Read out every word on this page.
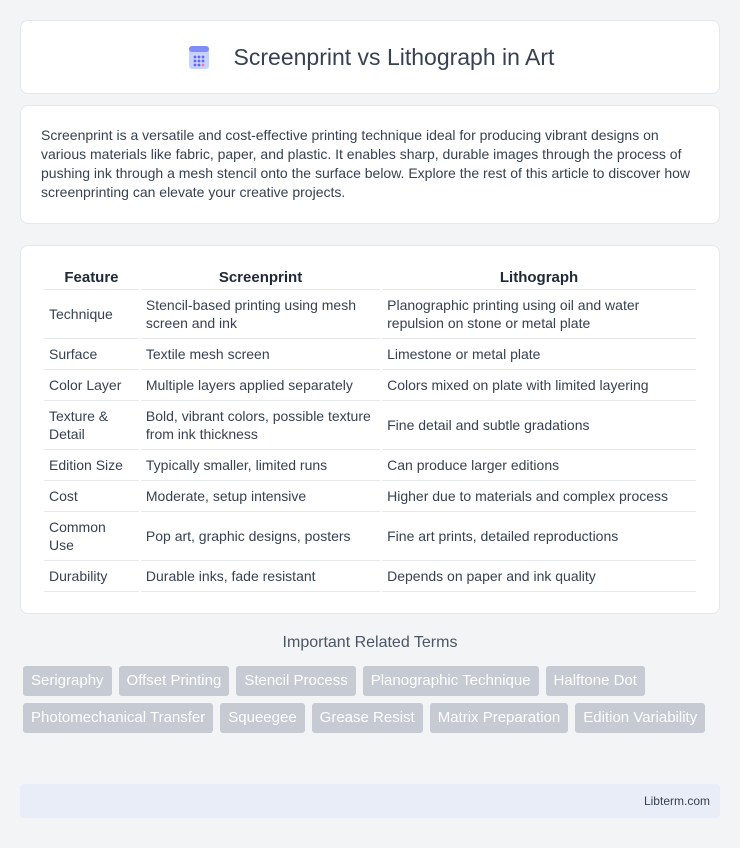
Screenprint vs Lithograph in Art

Screenprint is a versatile and cost-effective printing technique ideal for producing vibrant designs on various materials like fabric, paper, and plastic. It enables sharp, durable images through the process of pushing ink through a mesh stencil onto the surface below. Explore the rest of this article to discover how screenprinting can elevate your creative projects.

Feature	Screenprint	Lithograph
Technique	Stencil-based printing using mesh screen and ink	Planographic printing using oil and water repulsion on stone or metal plate
Surface	Textile mesh screen	Limestone or metal plate
Color Layer	Multiple layers applied separately	Colors mixed on plate with limited layering
Texture & Detail	Bold, vibrant colors, possible texture from ink thickness	Fine detail and subtle gradations
Edition Size	Typically smaller, limited runs	Can produce larger editions
Cost	Moderate, setup intensive	Higher due to materials and complex process
Common Use	Pop art, graphic designs, posters	Fine art prints, detailed reproductions
Durability	Durable inks, fade resistant	Depends on paper and ink quality
Important Related Terms
Serigraphy	Offset Printing	Stencil Process	Planographic Technique	Halftone Dot
Photomechanical Transfer	Squeegee	Grease Resist	Matrix Preparation	Edition Variability
Libterm.com
